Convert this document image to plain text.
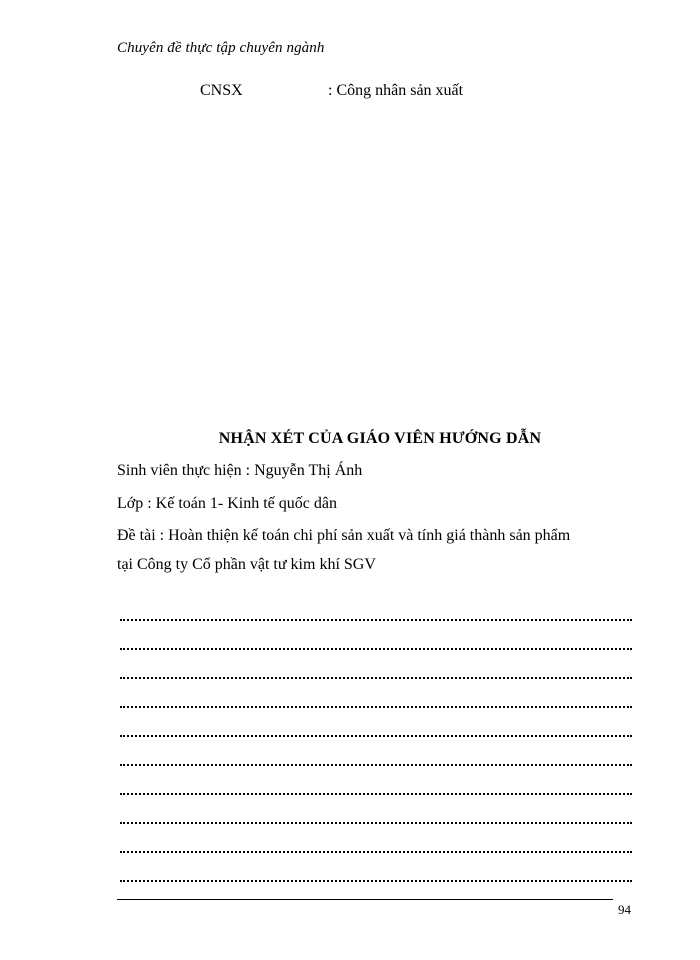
Chuyên đề thực tập chuyên ngành
CNSX	: Công nhân sản xuất
NHẬN XÉT CỦA GIÁO VIÊN HƯỚNG DẪN
Sinh viên thực hiện : Nguyễn Thị Ánh
Lớp : Kế toán 1- Kinh tế quốc dân
Đề tài : Hoàn thiện kế toán chi phí sản xuất và tính giá thành sản phẩm
tại Công ty Cổ phần vật tư kim khí SGV
94
